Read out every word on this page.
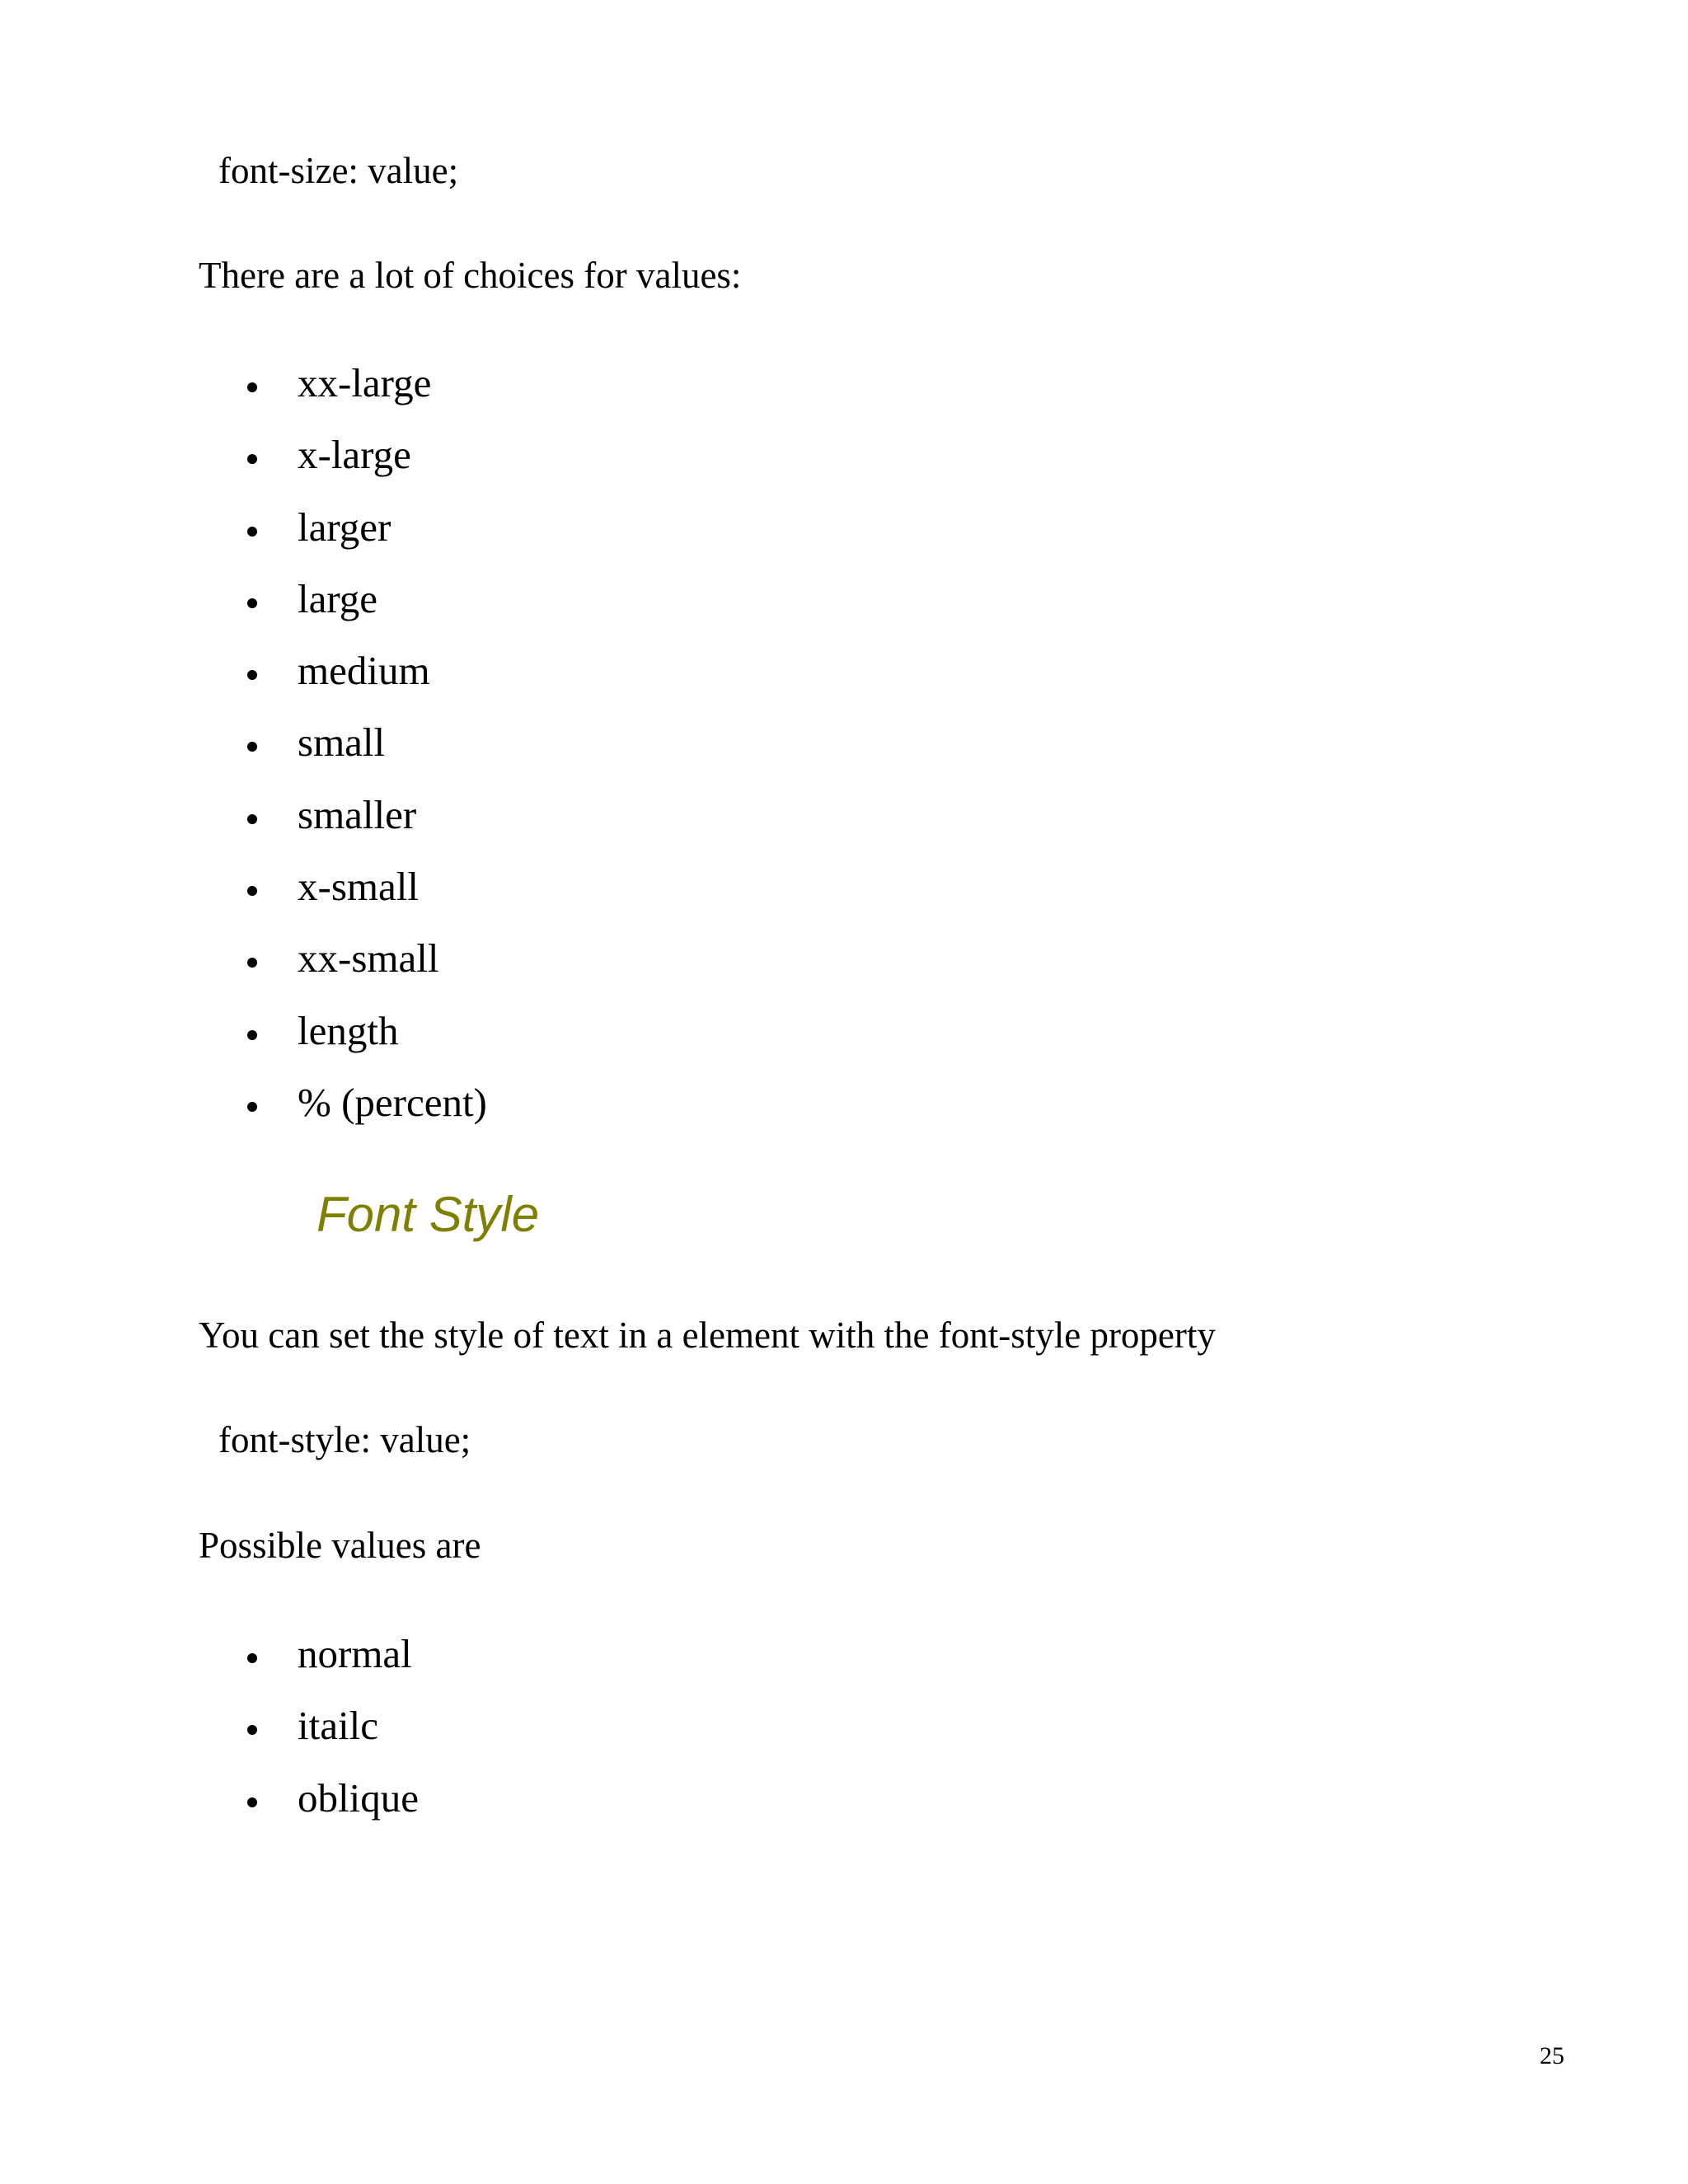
font-size: value;
There are a lot of choices for values:
xx-large
x-large
larger
large
medium
small
smaller
x-small
xx-small
length
% (percent)
Font Style
You can set the style of text in a element with the font-style property
font-style: value;
Possible values are
normal
itailc
oblique
25
